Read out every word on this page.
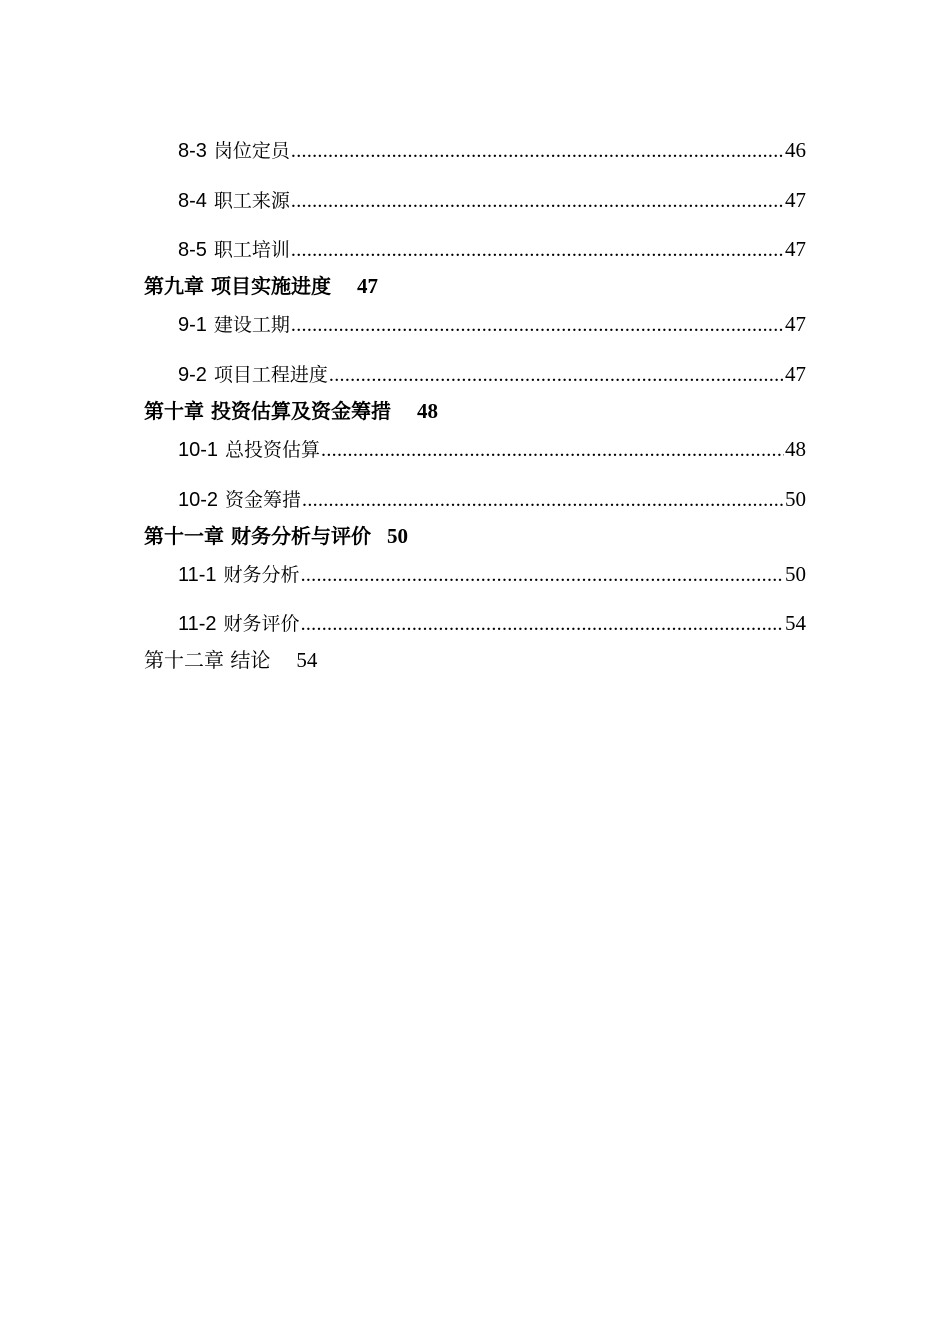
8-3 岗位定员 .....	46
8-4 职工来源 .....	47
8-5 职工培训 .....	47
第九章 项目实施进度 47
9-1 建设工期 .....	47
9-2 项目工程进度 .....	47
第十章 投资估算及资金筹措 48
10-1 总投资估算 .....	48
10-2 资金筹措 .....	50
第十一章 财务分析与评价 50
11-1 财务分析 .....	50
11-2 财务评价 .....	54
第十二章 结论 54
